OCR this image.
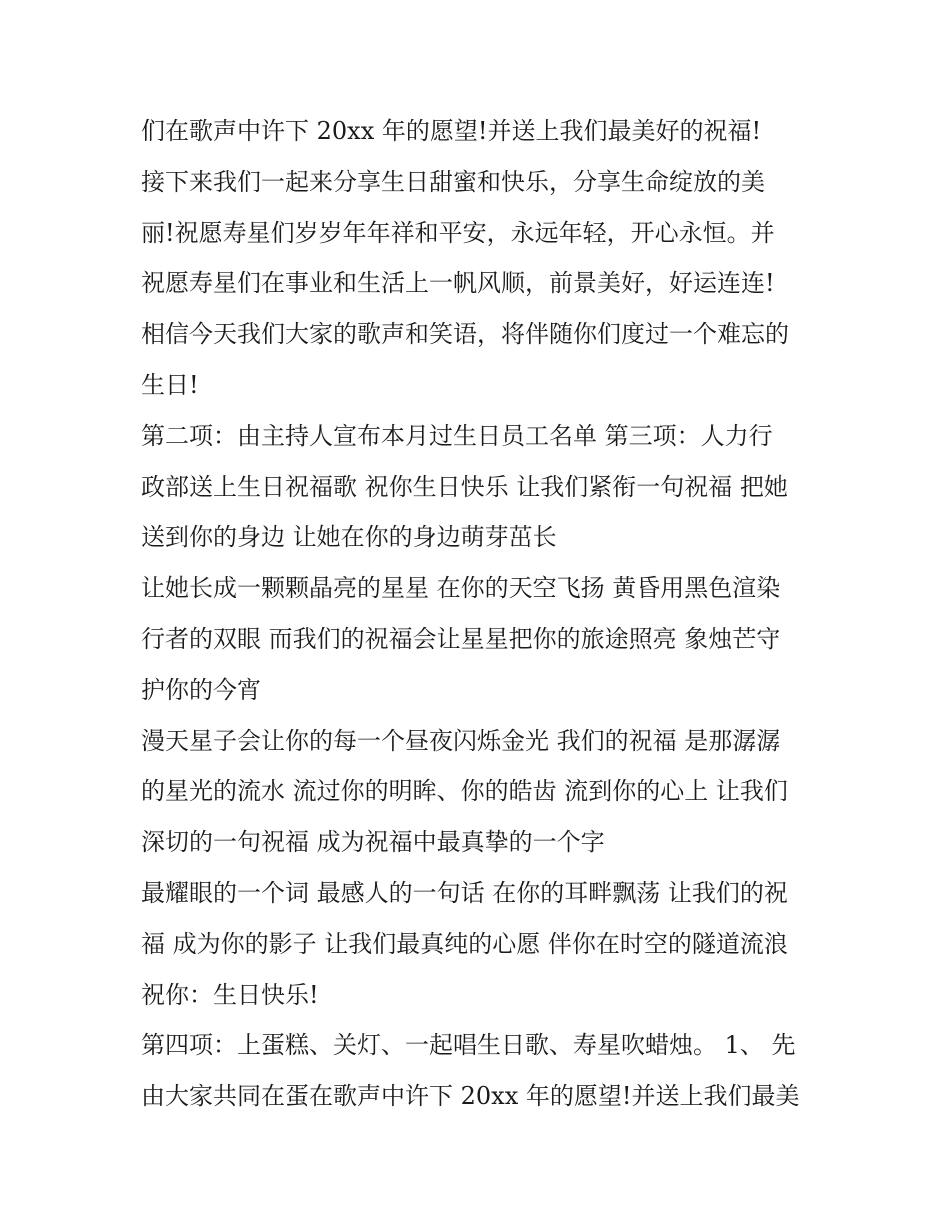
们在歌声中许下 20xx 年的愿望!并送上我们最美好的祝福!
接下来我们一起来分享生日甜蜜和快乐，分享生命绽放的美
丽!祝愿寿星们岁岁年年祥和平安，永远年轻，开心永恒。并
祝愿寿星们在事业和生活上一帆风顺，前景美好，好运连连!
相信今天我们大家的歌声和笑语，将伴随你们度过一个难忘的
生日!
第二项：由主持人宣布本月过生日员工名单 第三项：人力行
政部送上生日祝福歌 祝你生日快乐 让我们紧衔一句祝福 把她
送到你的身边 让她在你的身边萌芽茁长
让她长成一颗颗晶亮的星星 在你的天空飞扬 黄昏用黑色渲染
行者的双眼 而我们的祝福会让星星把你的旅途照亮 象烛芒守
护你的今宵
漫天星子会让你的每一个昼夜闪烁金光 我们的祝福 是那潺潺
的星光的流水 流过你的明眸、你的皓齿 流到你的心上 让我们
深切的一句祝福 成为祝福中最真挚的一个字
最耀眼的一个词 最感人的一句话 在你的耳畔飘荡 让我们的祝
福 成为你的影子 让我们最真纯的心愿 伴你在时空的隧道流浪
祝你：生日快乐!
第四项：上蛋糕、关灯、一起唱生日歌、寿星吹蜡烛。 1、 先
由大家共同在蛋在歌声中许下 20xx 年的愿望!并送上我们最美
